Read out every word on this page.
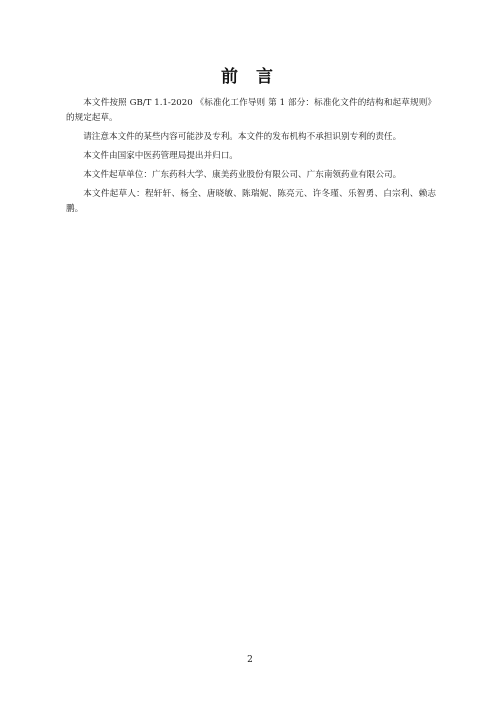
前 言

本文件按照 GB/T 1.1-2020 《标准化工作导则 第 1 部分：标准化文件的结构和起草规则》的规定起草。

请注意本文件的某些内容可能涉及专利。本文件的发布机构不承担识别专利的责任。

本文件由国家中医药管理局提出并归口。

本文件起草单位：广东药科大学、康美药业股份有限公司、广东南领药业有限公司。

本文件起草人：程轩轩、杨全、唐晓敏、陈瑞妮、陈亮元、许冬瑾、乐智勇、白宗利、赖志鹏。

2
